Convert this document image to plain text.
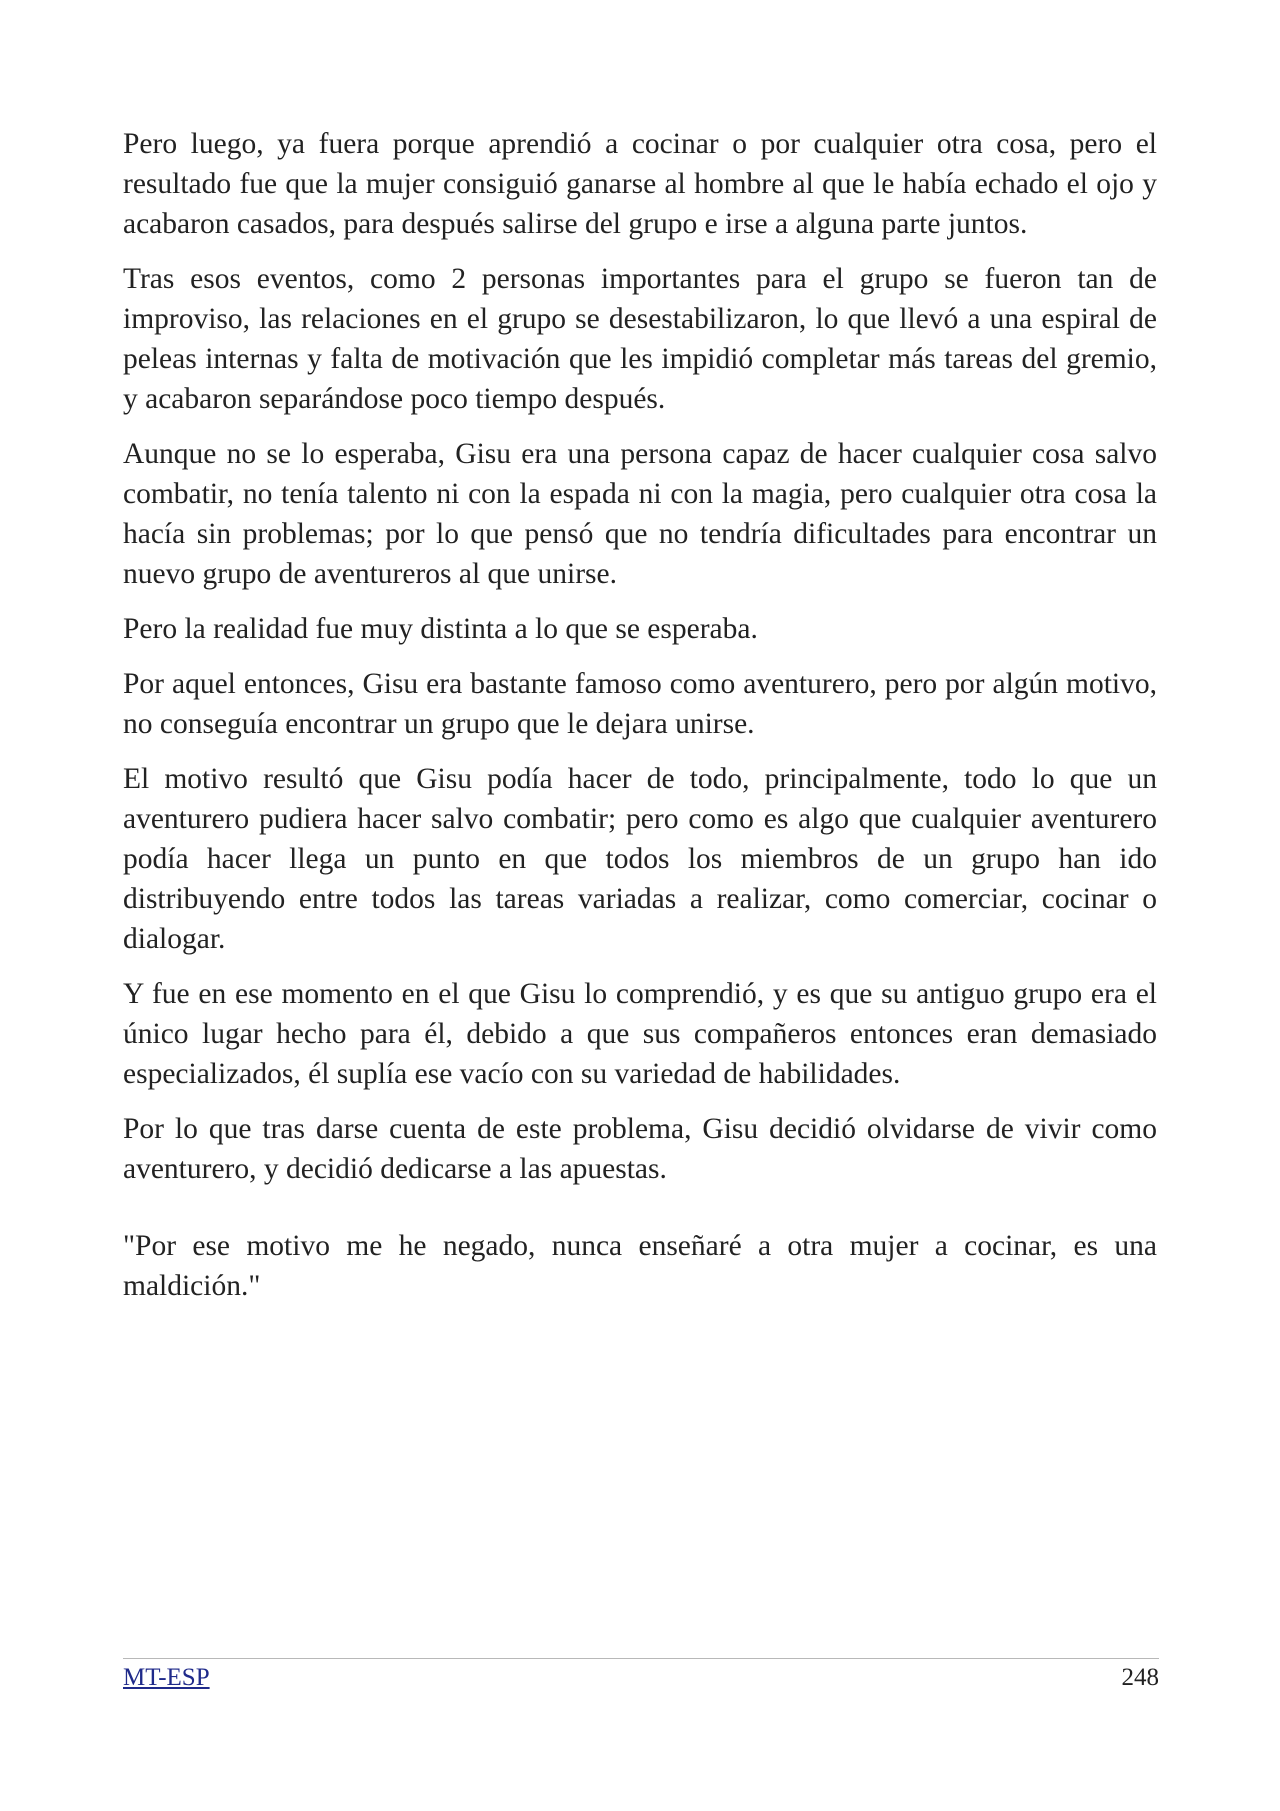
Pero luego, ya fuera porque aprendió a cocinar o por cualquier otra cosa, pero el resultado fue que la mujer consiguió ganarse al hombre al que le había echado el ojo y acabaron casados, para después salirse del grupo e irse a alguna parte juntos.

Tras esos eventos, como 2 personas importantes para el grupo se fueron tan de improviso, las relaciones en el grupo se desestabilizaron, lo que llevó a una espiral de peleas internas y falta de motivación que les impidió completar más tareas del gremio, y acabaron separándose poco tiempo después.

Aunque no se lo esperaba, Gisu era una persona capaz de hacer cualquier cosa salvo combatir, no tenía talento ni con la espada ni con la magia, pero cualquier otra cosa la hacía sin problemas; por lo que pensó que no tendría dificultades para encontrar un nuevo grupo de aventureros al que unirse.

Pero la realidad fue muy distinta a lo que se esperaba.

Por aquel entonces, Gisu era bastante famoso como aventurero, pero por algún motivo, no conseguía encontrar un grupo que le dejara unirse.

El motivo resultó que Gisu podía hacer de todo, principalmente, todo lo que un aventurero pudiera hacer salvo combatir; pero como es algo que cualquier aventurero podía hacer llega un punto en que todos los miembros de un grupo han ido distribuyendo entre todos las tareas variadas a realizar, como comerciar, cocinar o dialogar.

Y fue en ese momento en el que Gisu lo comprendió, y es que su antiguo grupo era el único lugar hecho para él, debido a que sus compañeros entonces eran demasiado especializados, él suplía ese vacío con su variedad de habilidades.

Por lo que tras darse cuenta de este problema, Gisu decidió olvidarse de vivir como aventurero, y decidió dedicarse a las apuestas.

"Por ese motivo me he negado, nunca enseñaré a otra mujer a cocinar, es una maldición."

MT-ESP	248
